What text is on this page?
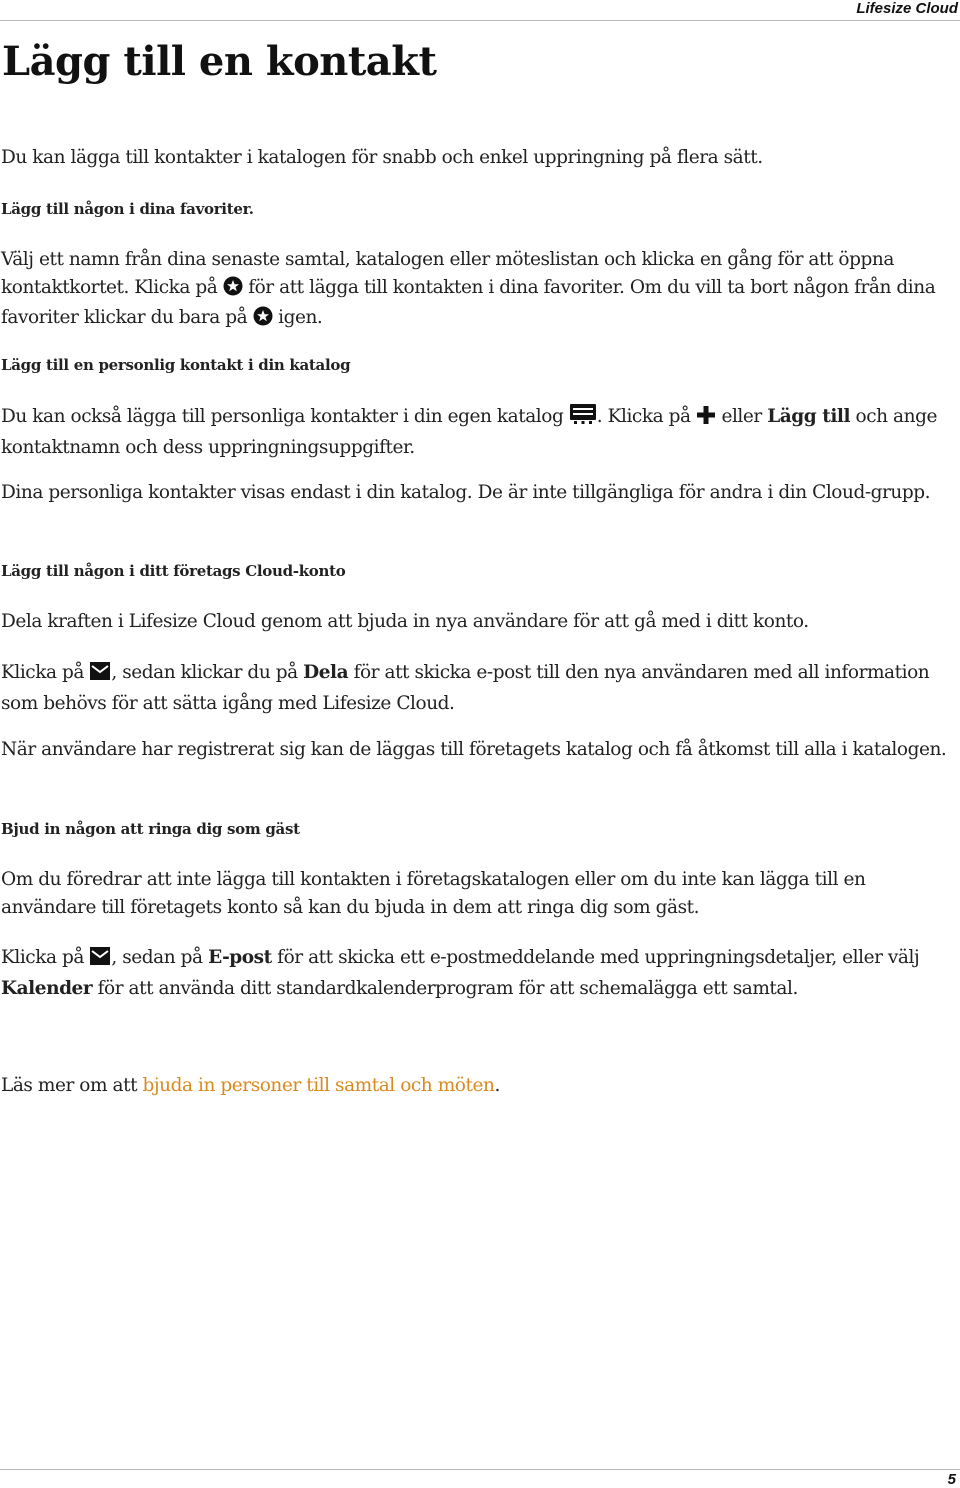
Lifesize Cloud
Lägg till en kontakt

Du kan lägga till kontakter i katalogen för snabb och enkel uppringning på flera sätt.

Lägg till någon i dina favoriter.

Välj ett namn från dina senaste samtal, katalogen eller möteslistan och klicka en gång för att öppna kontaktkortet. Klicka på  för att lägga till kontakten i dina favoriter. Om du vill ta bort någon från dina favoriter klickar du bara på  igen.

Lägg till en personlig kontakt i din katalog

Du kan också lägga till personliga kontakter i din egen katalog . Klicka på  eller Lägg till och ange kontaktnamn och dess uppringningsuppgifter.

Dina personliga kontakter visas endast i din katalog. De är inte tillgängliga för andra i din Cloud-grupp.

Lägg till någon i ditt företags Cloud-konto

Dela kraften i Lifesize Cloud genom att bjuda in nya användare för att gå med i ditt konto.

Klicka på , sedan klickar du på Dela för att skicka e-post till den nya användaren med all information som behövs för att sätta igång med Lifesize Cloud.

När användare har registrerat sig kan de läggas till företagets katalog och få åtkomst till alla i katalogen.

Bjud in någon att ringa dig som gäst

Om du föredrar att inte lägga till kontakten i företagskatalogen eller om du inte kan lägga till en användare till företagets konto så kan du bjuda in dem att ringa dig som gäst.

Klicka på , sedan på E-post för att skicka ett e-postmeddelande med uppringningsdetaljer, eller välj Kalender för att använda ditt standardkalenderprogram för att schemalägga ett samtal.

Läs mer om att bjuda in personer till samtal och möten.

5
